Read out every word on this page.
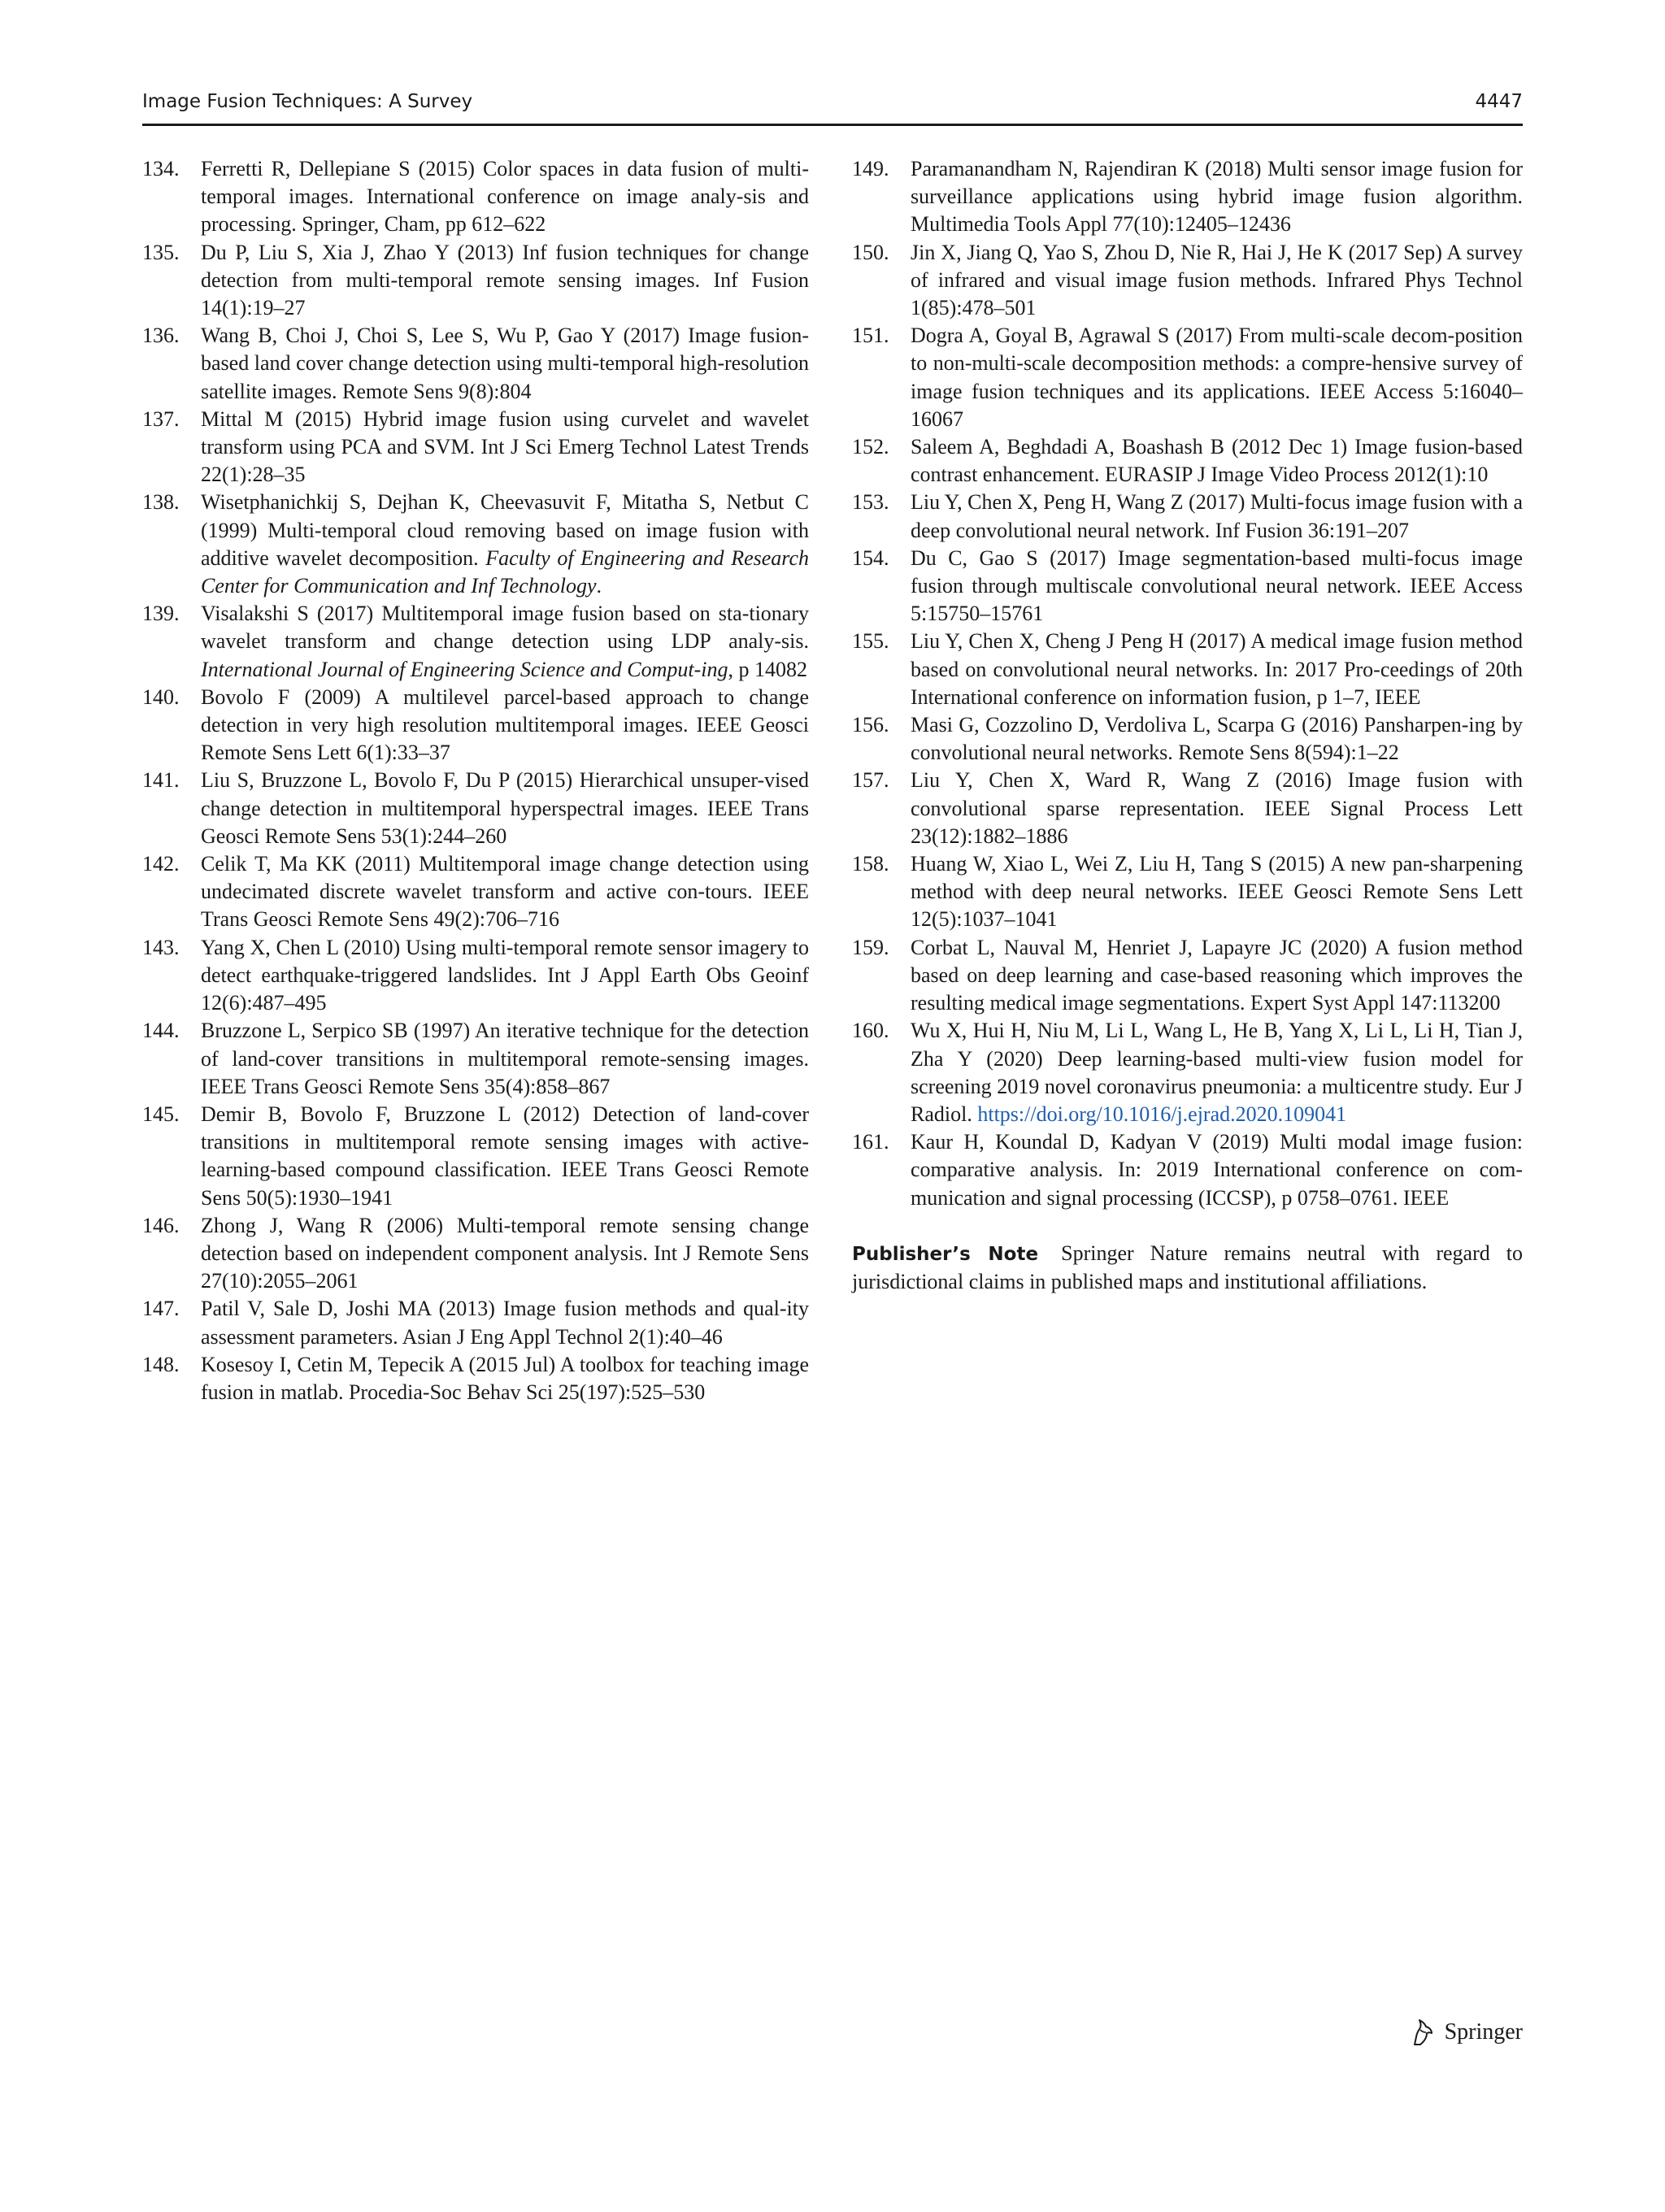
Image Fusion Techniques: A Survey	4447

134.	Ferretti R, Dellepiane S (2015) Color spaces in data fusion of multi-temporal images. International conference on image analy-sis and processing. Springer, Cham, pp 612–622

135.	Du P, Liu S, Xia J, Zhao Y (2013) Inf fusion techniques for change detection from multi-temporal remote sensing images. Inf Fusion 14(1):19–27

136.	Wang B, Choi J, Choi S, Lee S, Wu P, Gao Y (2017) Image fusion-based land cover change detection using multi-temporal high-resolution satellite images. Remote Sens 9(8):804

137.	Mittal M (2015) Hybrid image fusion using curvelet and wavelet transform using PCA and SVM. Int J Sci Emerg Technol Latest Trends 22(1):28–35

138.	Wisetphanichkij S, Dejhan K, Cheevasuvit F, Mitatha S, Netbut C (1999) Multi-temporal cloud removing based on image fusion with additive wavelet decomposition. Faculty of Engineering and Research Center for Communication and Inf Technology.

139.	Visalakshi S (2017) Multitemporal image fusion based on sta-tionary wavelet transform and change detection using LDP analy-sis. International Journal of Engineering Science and Comput-ing, p 14082

140.	Bovolo F (2009) A multilevel parcel-based approach to change detection in very high resolution multitemporal images. IEEE Geosci Remote Sens Lett 6(1):33–37

141.	Liu S, Bruzzone L, Bovolo F, Du P (2015) Hierarchical unsuper-vised change detection in multitemporal hyperspectral images. IEEE Trans Geosci Remote Sens 53(1):244–260

142.	Celik T, Ma KK (2011) Multitemporal image change detection using undecimated discrete wavelet transform and active con-tours. IEEE Trans Geosci Remote Sens 49(2):706–716

143.	Yang X, Chen L (2010) Using multi-temporal remote sensor imagery to detect earthquake-triggered landslides. Int J Appl Earth Obs Geoinf 12(6):487–495

144.	Bruzzone L, Serpico SB (1997) An iterative technique for the detection of land-cover transitions in multitemporal remote-sensing images. IEEE Trans Geosci Remote Sens 35(4):858–867

145.	Demir B, Bovolo F, Bruzzone L (2012) Detection of land-cover transitions in multitemporal remote sensing images with active-learning-based compound classification. IEEE Trans Geosci Remote Sens 50(5):1930–1941

146.	Zhong J, Wang R (2006) Multi-temporal remote sensing change detection based on independent component analysis. Int J Remote Sens 27(10):2055–2061

147.	Patil V, Sale D, Joshi MA (2013) Image fusion methods and qual-ity assessment parameters. Asian J Eng Appl Technol 2(1):40–46

148.	Kosesoy I, Cetin M, Tepecik A (2015 Jul) A toolbox for teaching image fusion in matlab. Procedia-Soc Behav Sci 25(197):525–530

149.	Paramanandham N, Rajendiran K (2018) Multi sensor image fusion for surveillance applications using hybrid image fusion algorithm. Multimedia Tools Appl 77(10):12405–12436

150.	Jin X, Jiang Q, Yao S, Zhou D, Nie R, Hai J, He K (2017 Sep) A survey of infrared and visual image fusion methods. Infrared Phys Technol 1(85):478–501

151.	Dogra A, Goyal B, Agrawal S (2017) From multi-scale decom-position to non-multi-scale decomposition methods: a compre-hensive survey of image fusion techniques and its applications. IEEE Access 5:16040–16067

152.	Saleem A, Beghdadi A, Boashash B (2012 Dec 1) Image fusion-based contrast enhancement. EURASIP J Image Video Process 2012(1):10

153.	Liu Y, Chen X, Peng H, Wang Z (2017) Multi-focus image fusion with a deep convolutional neural network. Inf Fusion 36:191–207

154.	Du C, Gao S (2017) Image segmentation-based multi-focus image fusion through multiscale convolutional neural network. IEEE Access 5:15750–15761

155.	Liu Y, Chen X, Cheng J Peng H (2017) A medical image fusion method based on convolutional neural networks. In: 2017 Pro-ceedings of 20th International conference on information fusion, p 1–7, IEEE

156.	Masi G, Cozzolino D, Verdoliva L, Scarpa G (2016) Pansharpen-ing by convolutional neural networks. Remote Sens 8(594):1–22

157.	Liu Y, Chen X, Ward R, Wang Z (2016) Image fusion with convolutional sparse representation. IEEE Signal Process Lett 23(12):1882–1886

158.	Huang W, Xiao L, Wei Z, Liu H, Tang S (2015) A new pan-sharpening method with deep neural networks. IEEE Geosci Remote Sens Lett 12(5):1037–1041

159.	Corbat L, Nauval M, Henriet J, Lapayre JC (2020) A fusion method based on deep learning and case-based reasoning which improves the resulting medical image segmentations. Expert Syst Appl 147:113200

160.	Wu X, Hui H, Niu M, Li L, Wang L, He B, Yang X, Li L, Li H, Tian J, Zha Y (2020) Deep learning-based multi-view fusion model for screening 2019 novel coronavirus pneumonia: a multicentre study. Eur J Radiol. https://doi.org/10.1016/j.ejrad.2020.109041

161.	Kaur H, Koundal D, Kadyan V (2019) Multi modal image fusion: comparative analysis. In: 2019 International conference on com-munication and signal processing (ICCSP), p 0758–0761. IEEE

Publisher’s Note Springer Nature remains neutral with regard to jurisdictional claims in published maps and institutional affiliations.

Springer
